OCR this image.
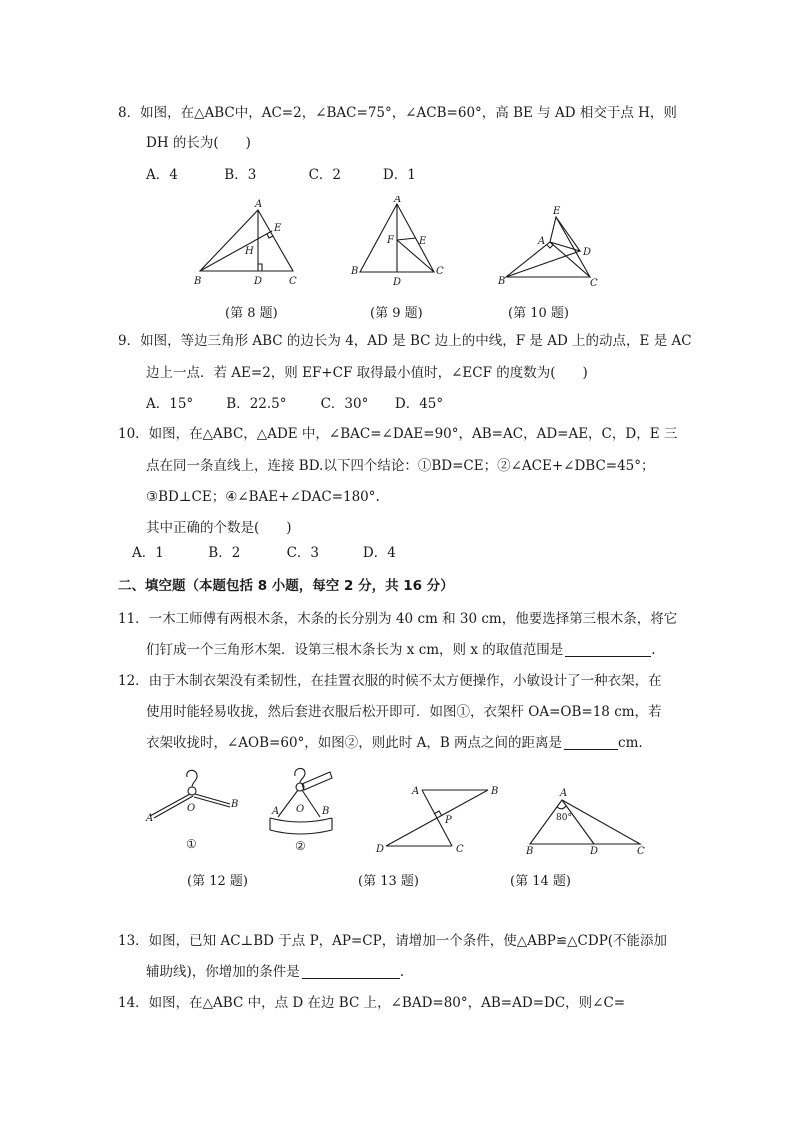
8．如图，在△ABC中，AC=2，∠BAC=75°，∠ACB=60°，高 BE 与 AD 相交于点 H，则
DH 的长为(　　)
A．4	B．3	C．2	D．1
A
E
H
B	D	C
(第 8 题)
A
F	E
B
D
C
(第 9 题)
E
A
D
B	C
(第 10 题)
9．如图，等边三角形 ABC 的边长为 4，AD 是 BC 边上的中线，F 是 AD 上的动点，E 是 AC
边上一点．若 AE=2，则 EF+CF 取得最小值时，∠ECF 的度数为(　　)
A．15° B．22.5°	C．30° D．45°
10．如图，在△ABC，△ADE 中，∠BAC=∠DAE=90°，AB=AC，AD=AE，C，D，E 三
点在同一条直线上，连接 BD.以下四个结论：①BD=CE；②∠ACE+∠DBC=45°；
③BD⊥CE；④∠BAE+∠DAC=180°.
其中正确的个数是(　　)
A．1	B．2	C．3	D．4
二、填空题（本题包括 8 小题，每空 2 分，共 16 分）
11．一木工师傅有两根木条，木条的长分别为 40 cm 和 30 cm，他要选择第三根木条，将它
们钉成一个三角形木架．设第三根木条长为 x cm，则 x 的取值范围是	.
12．由于木制衣架没有柔韧性，在挂置衣服的时候不太方便操作，小敏设计了一种衣架，在
使用时能轻易收拢，然后套进衣服后松开即可．如图①，衣架杆 OA=OB=18 cm，若
衣架收拢时，∠AOB=60°，如图②，则此时 A，B 两点之间的距离是	cm.
A
O	B
①
A O B
②
(第 12 题)
A	B
P
D	C
(第 13 题)
A
80°
B	D	C
(第 14 题)
13．如图，已知 AC⊥BD 于点 P，AP=CP，请增加一个条件，使△ABP≌△CDP(不能添加
辅助线)，你增加的条件是	.
14．如图，在△ABC 中，点 D 在边 BC 上，∠BAD=80°，AB=AD=DC，则∠C=
